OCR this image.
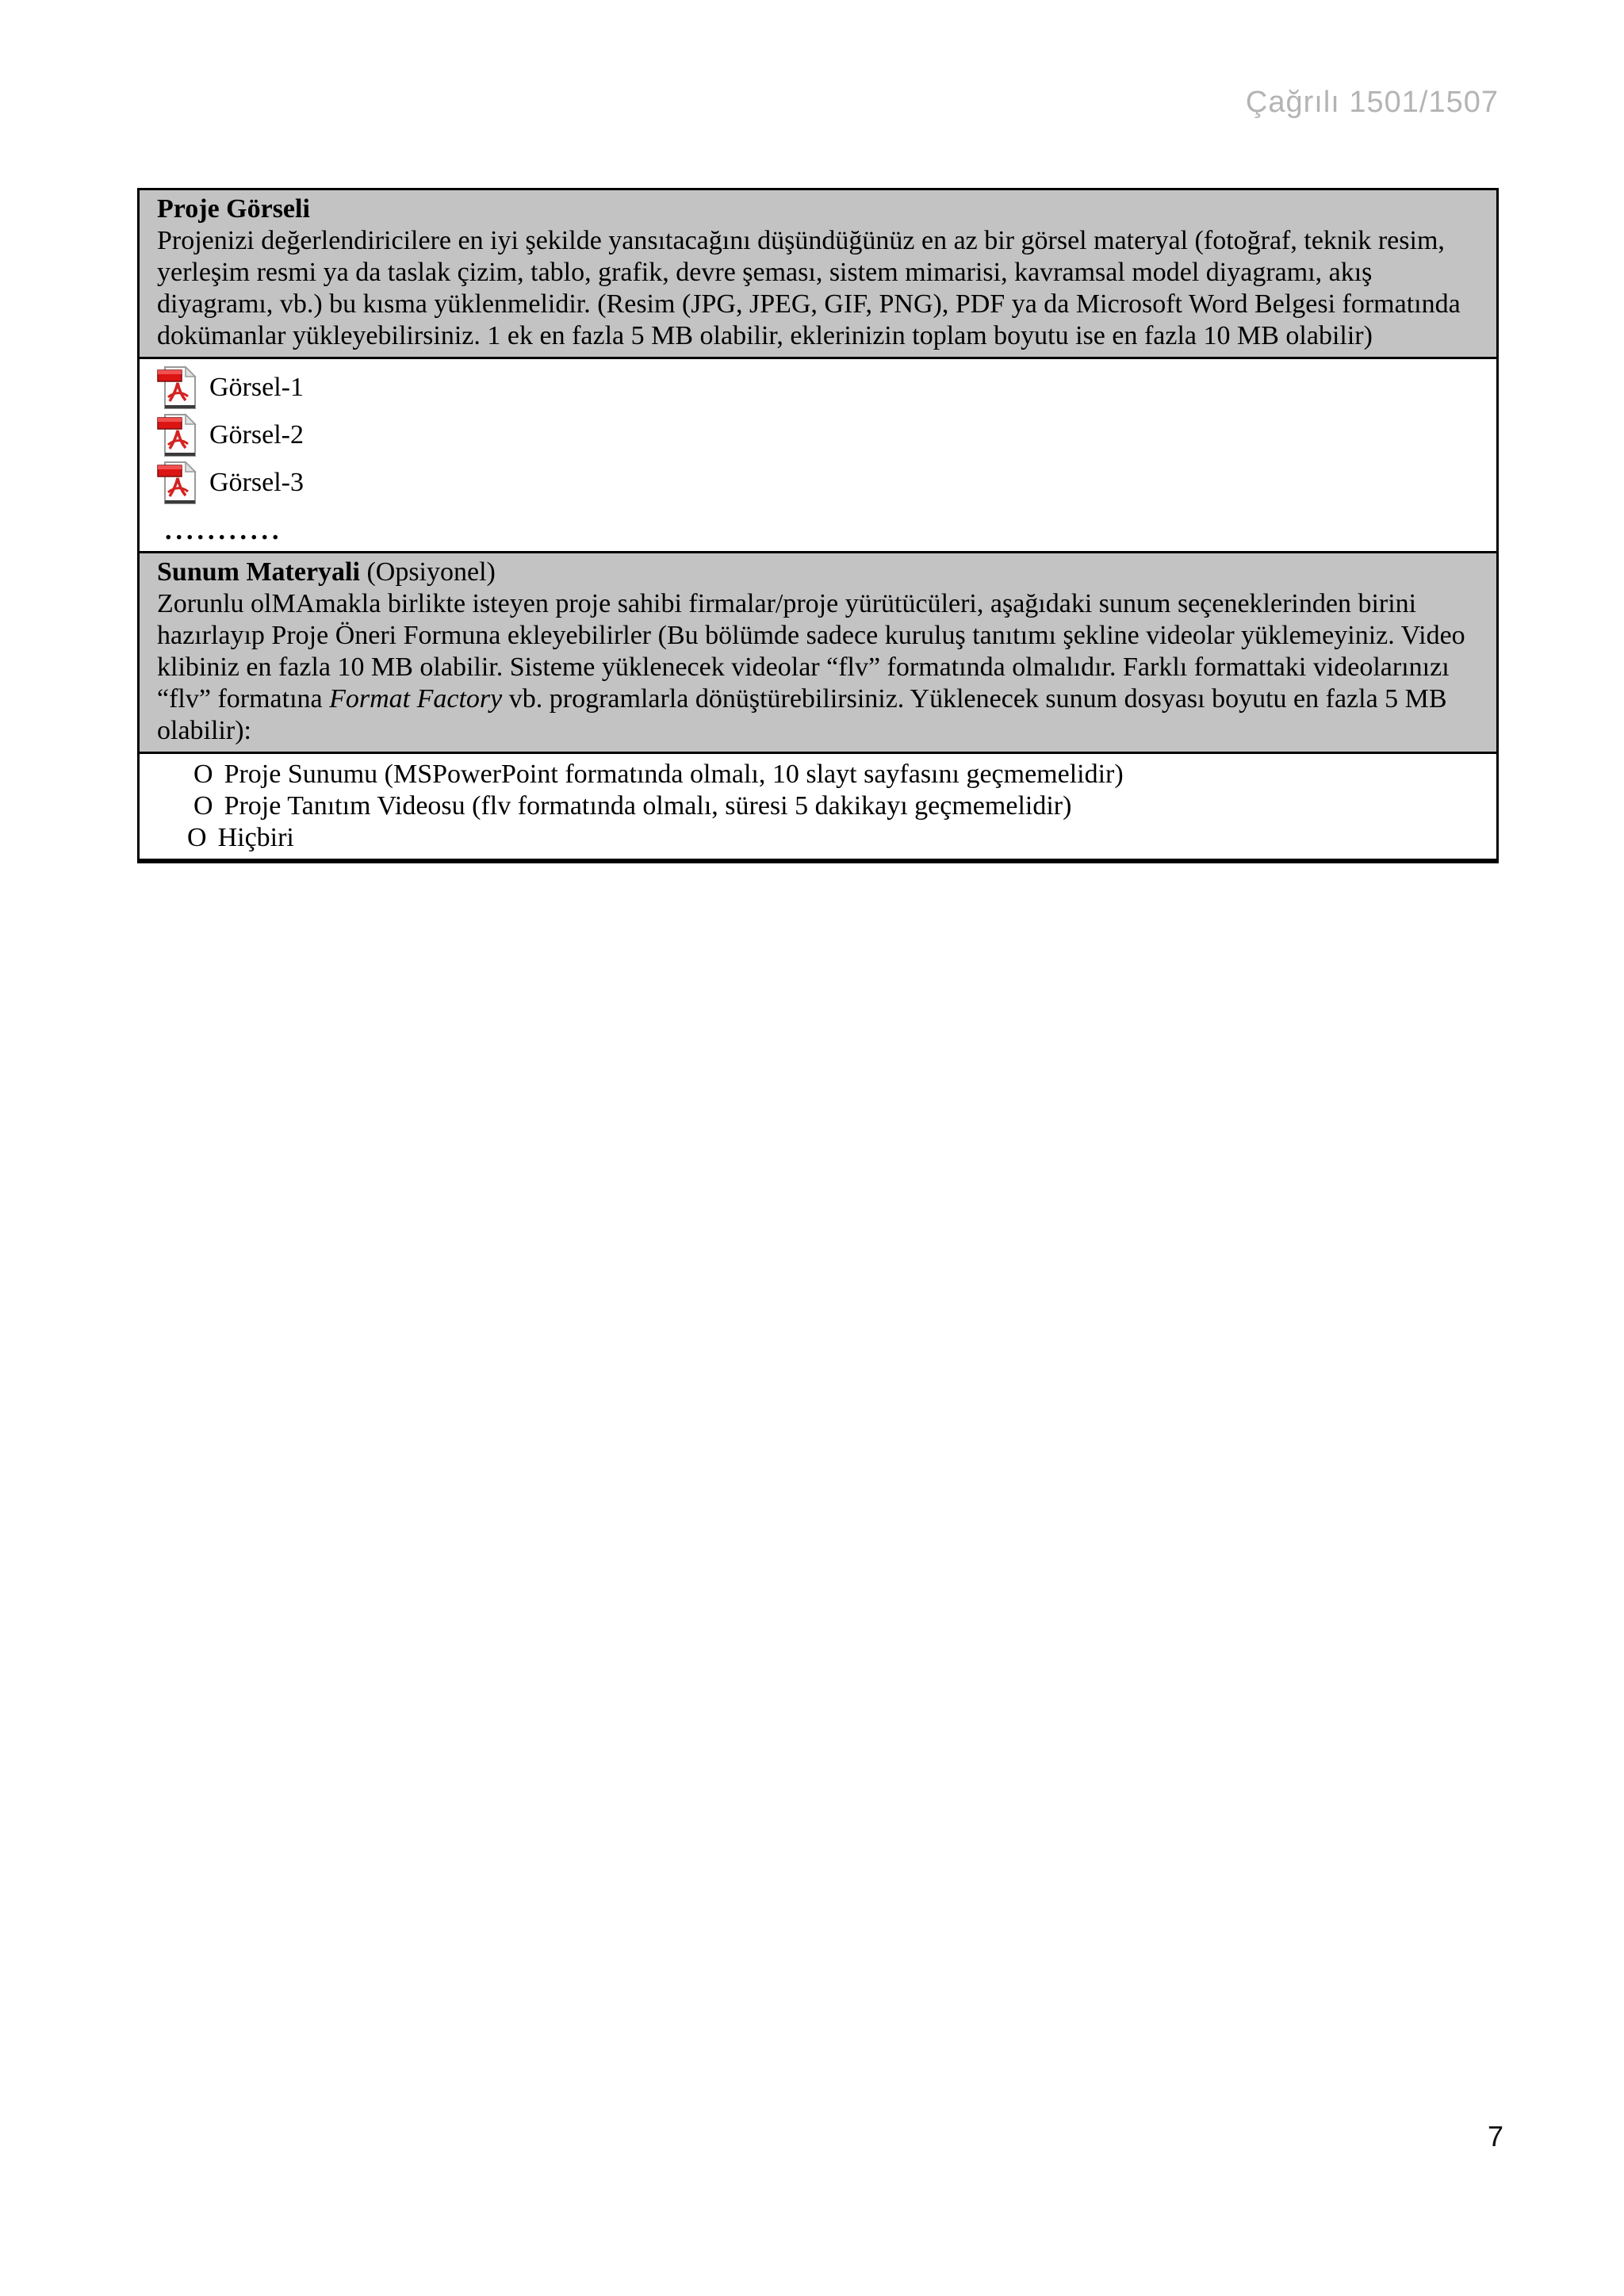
Çağrılı 1501/1507
Proje Görseli
Projenizi değerlendiricilere en iyi şekilde yansıtacağını düşündüğünüz en az bir görsel materyal (fotoğraf, teknik resim, yerleşim resmi ya da taslak çizim, tablo, grafik, devre şeması, sistem mimarisi, kavramsal model diyagramı, akış diyagramı, vb.) bu kısma yüklenmelidir. (Resim (JPG, JPEG, GIF, PNG), PDF ya da Microsoft Word Belgesi formatında dokümanlar yükleyebilirsiniz. 1 ek en fazla 5 MB olabilir, eklerinizin toplam boyutu ise en fazla 10 MB olabilir)
Görsel-1
Görsel-2
Görsel-3
...........
Sunum Materyali (Opsiyonel)
Zorunlu olMAmakla birlikte isteyen proje sahibi firmalar/proje yürütücüleri, aşağıdaki sunum seçeneklerinden birini hazırlayıp Proje Öneri Formuna ekleyebilirler (Bu bölümde sadece kuruluş tanıtımı şekline videolar yüklemeyiniz. Video klibiniz en fazla 10 MB olabilir. Sisteme yüklenecek videolar “flv” formatında olmalıdır. Farklı formattaki videolarınızı “flv” formatına Format Factory vb. programlarla dönüştürebilirsiniz. Yüklenecek sunum dosyası boyutu en fazla 5 MB olabilir):
O Proje Sunumu (MSPowerPoint formatında olmalı, 10 slayt sayfasını geçmemelidir)
O Proje Tanıtım Videosu (flv formatında olmalı, süresi 5 dakikayı geçmemelidir)
O Hiçbiri
7
